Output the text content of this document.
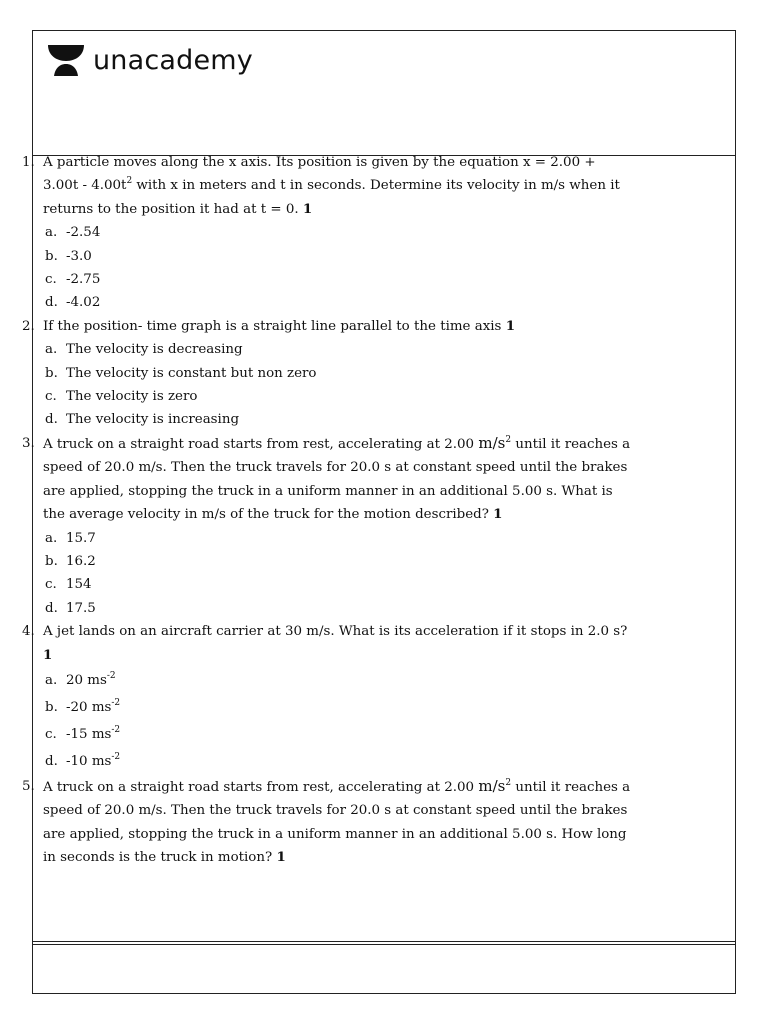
unacademy
1. A particle moves along the x axis. Its position is given by the equation $x = 2.00 + 3.00t - 4.00t^2$ with x in meters and t in seconds. Determine its velocity in m/s when it returns to the position it had at t = 0. 1
a. -2.54
b. -3.0
c. -2.75
d. -4.02
2. If the position- time graph is a straight line parallel to the time axis 1
a. The velocity is decreasing
b. The velocity is constant but non zero
c. The velocity is zero
d. The velocity is increasing
3. A truck on a straight road starts from rest, accelerating at 2.00 $m/s^2$ until it reaches a speed of 20.0 m/s. Then the truck travels for 20.0 s at constant speed until the brakes are applied, stopping the truck in a uniform manner in an additional 5.00 s. What is the average velocity in m/s of the truck for the motion described? 1
a. 15.7
b. 16.2
c. 154
d. 17.5
4. A jet lands on an aircraft carrier at 30 m/s. What is its acceleration if it stops in 2.0 s? 1
a. 20 $ms^{-2}$
b. -20 $ms^{-2}$
c. -15 $ms^{-2}$
d. -10 $ms^{-2}$
5. A truck on a straight road starts from rest, accelerating at 2.00 $m/s^2$ until it reaches a speed of 20.0 m/s. Then the truck travels for 20.0 s at constant speed until the brakes are applied, stopping the truck in a uniform manner in an additional 5.00 s. How long in seconds is the truck in motion? 1
